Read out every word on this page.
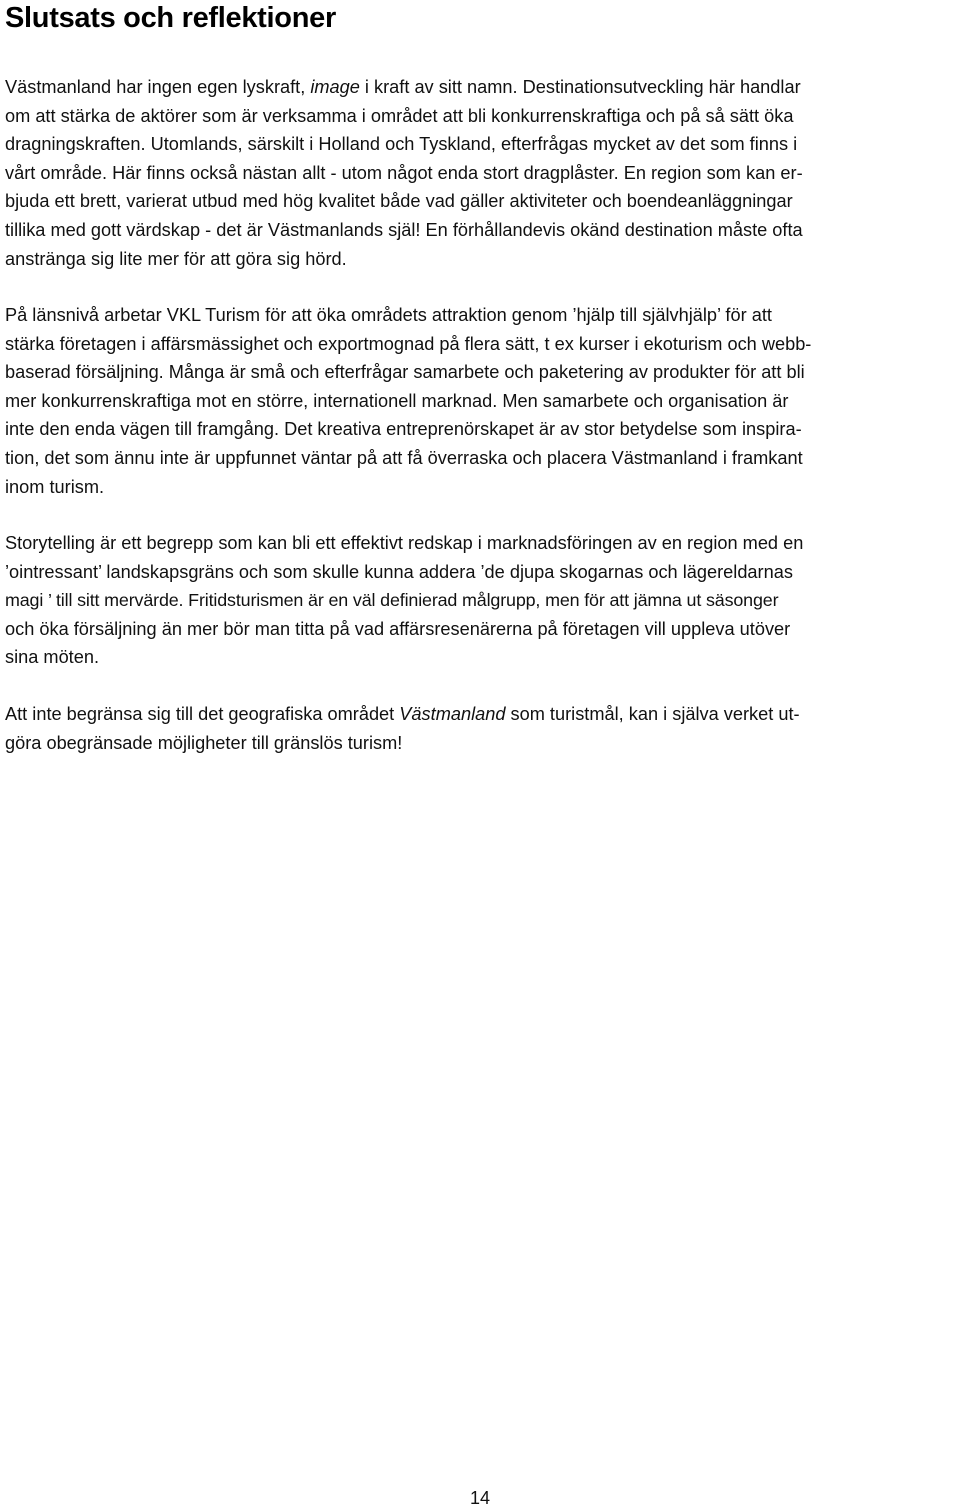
Slutsats och reflektioner

Västmanland har ingen egen lyskraft, image i kraft av sitt namn. Destinationsutveckling här handlar
om att stärka de aktörer som är verksamma i området att bli konkurrenskraftiga och på så sätt öka
dragningskraften. Utomlands, särskilt i Holland och Tyskland, efterfrågas mycket av det som finns i
vårt område. Här finns också nästan allt - utom något enda stort dragplåster. En region som kan er-
bjuda ett brett, varierat utbud med hög kvalitet både vad gäller aktiviteter och boendeanläggningar
tillika med gott värdskap - det är Västmanlands själ! En förhållandevis okänd destination måste ofta
anstränga sig lite mer för att göra sig hörd.

På länsnivå arbetar VKL Turism för att öka områdets attraktion genom ’hjälp till självhjälp’ för att
stärka företagen i affärsmässighet och exportmognad på flera sätt, t ex kurser i ekoturism och webb-
baserad försäljning. Många är små och efterfrågar samarbete och paketering av produkter för att bli
mer konkurrenskraftiga mot en större, internationell marknad. Men samarbete och organisation är
inte den enda vägen till framgång. Det kreativa entreprenörskapet är av stor betydelse som inspira-
tion, det som ännu inte är uppfunnet väntar på att få överraska och placera Västmanland i framkant
inom turism.

Storytelling är ett begrepp som kan bli ett effektivt redskap i marknadsföringen av en region med en
’ointressant’ landskapsgräns och som skulle kunna addera ’de djupa skogarnas och lägereldarnas
magi ’ till sitt mervärde. Fritidsturismen är en väl definierad målgrupp, men för att jämna ut säsonger
och öka försäljning än mer bör man titta på vad affärsresenärerna på företagen vill uppleva utöver
sina möten.

Att inte begränsa sig till det geografiska området Västmanland som turistmål, kan i själva verket ut-
göra obegränsade möjligheter till gränslös turism!

14
